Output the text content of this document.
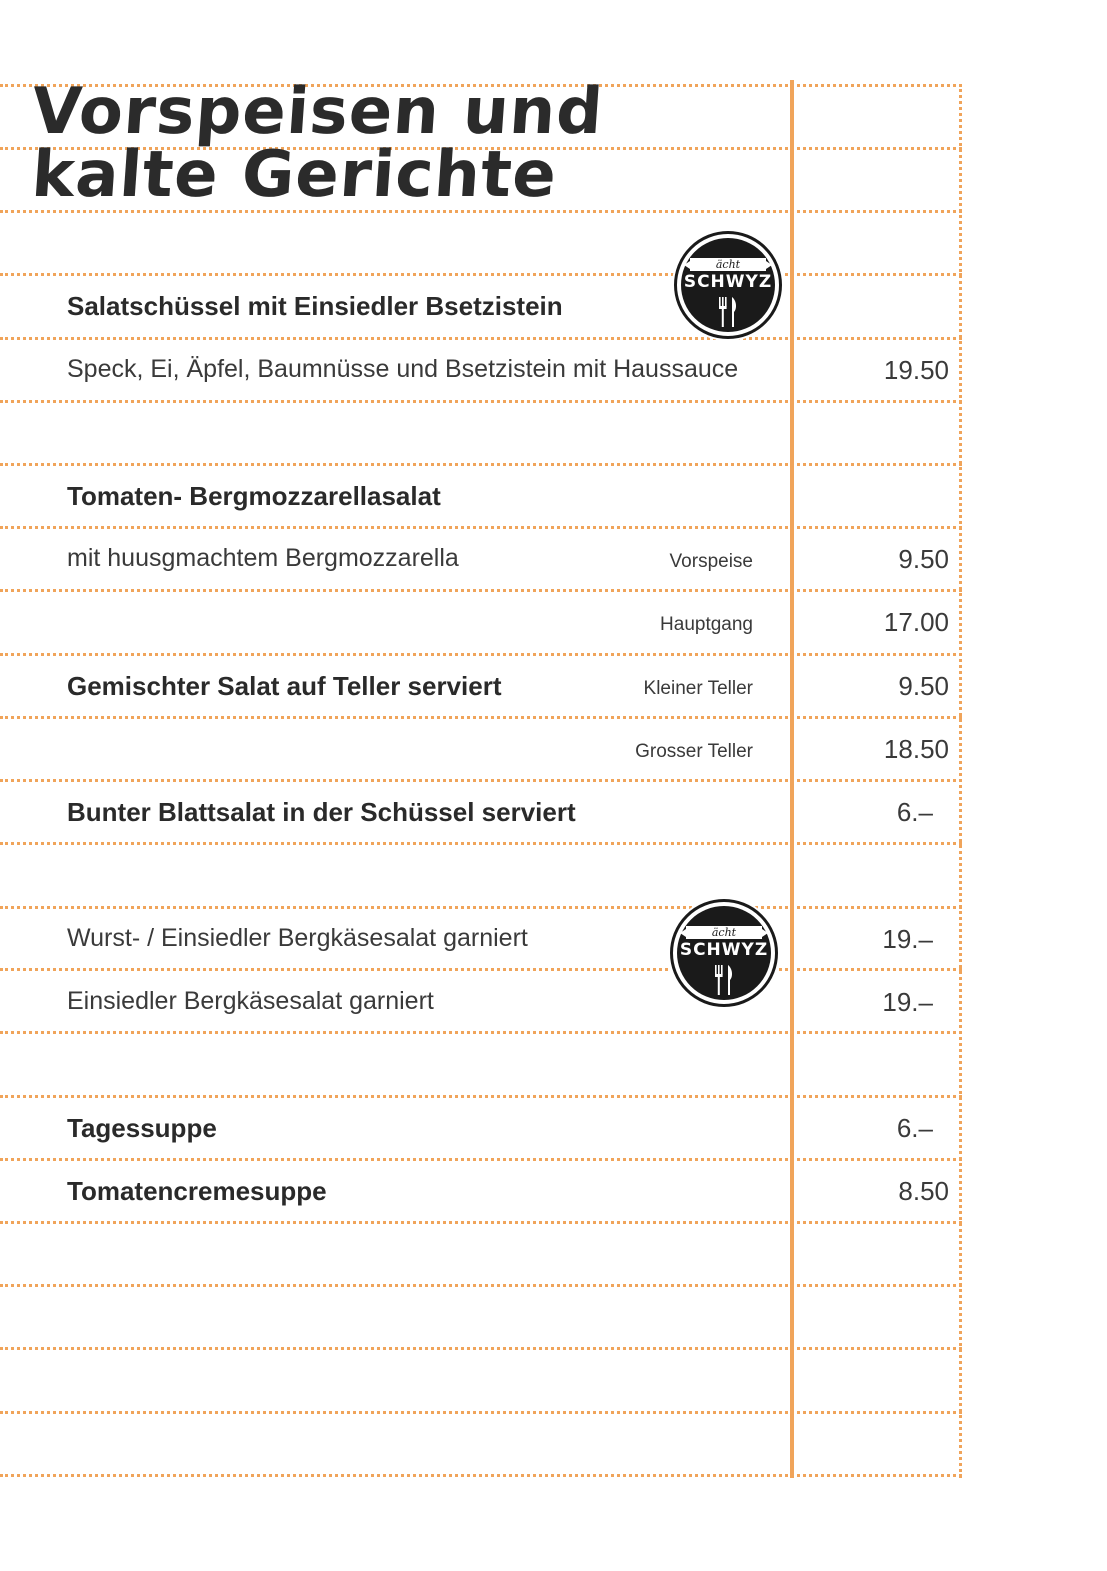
Vorspeisen und
kalte Gerichte
ächt
SCHWYZ
ächt
SCHWYZ
Salatschüssel mit Einsiedler Bsetzistein
Speck, Ei, Äpfel, Baumnüsse und Bsetzistein mit Haussauce	19.50
Tomaten- Bergmozzarellasalat
mit huusgmachtem Bergmozzarella	Vorspeise	9.50
Hauptgang	17.00
Gemischter Salat auf Teller serviert	Kleiner Teller	9.50
Grosser Teller	18.50
Bunter Blattsalat in der Schüssel serviert	6.–
Wurst- / Einsiedler Bergkäsesalat garniert	19.–
Einsiedler Bergkäsesalat garniert	19.–
Tagessuppe	6.–
Tomatencremesuppe	8.50
